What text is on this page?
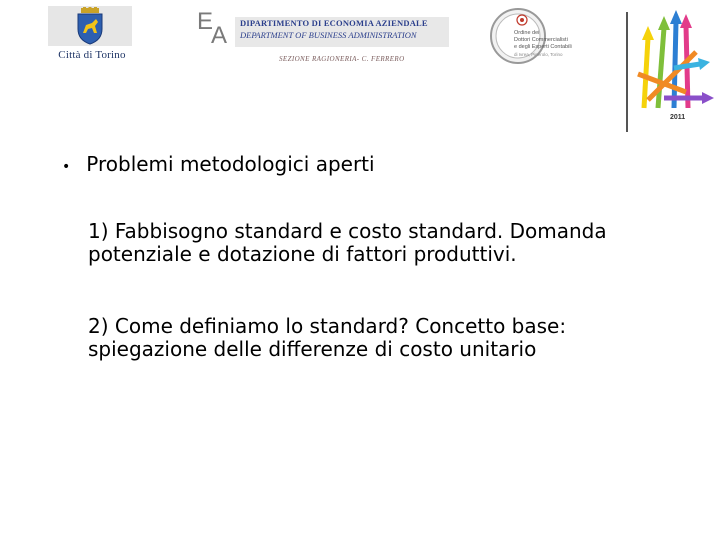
Città di Torino
E
A DIPARTIMENTO DI ECONOMIA AZIENDALE
DEPARTMENT OF BUSINESS ADMINISTRATION
SEZIONE RAGIONERIA- C. FERRERO
Ordine dei
Dottori Commercialisti
e degli Esperti Contabili
di Ivrea, Pinerolo, Torino
2011
• Problemi metodologici aperti
1) Fabbisogno standard e costo standard. Domanda potenziale e dotazione di fattori produttivi.
2) Come definiamo lo standard? Concetto base: spiegazione delle differenze di costo unitario
